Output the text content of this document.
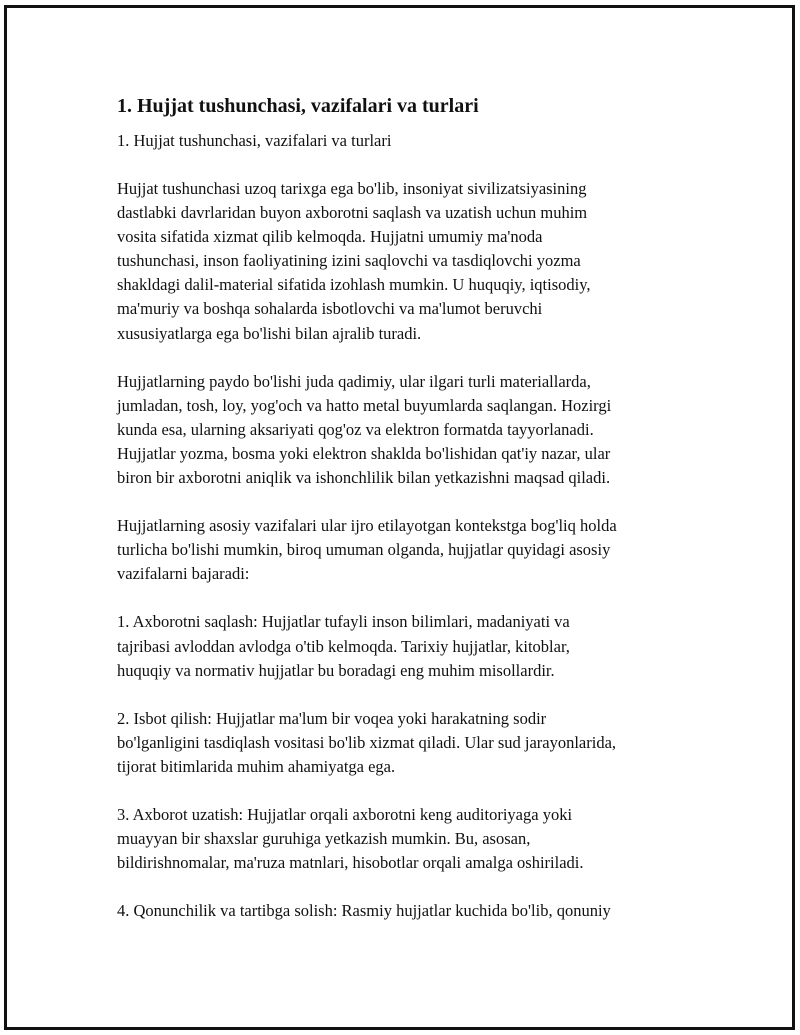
1. Hujjat tushunchasi, vazifalari va turlari
1. Hujjat tushunchasi, vazifalari va turlari
Hujjat tushunchasi uzoq tarixga ega bo'lib, insoniyat sivilizatsiyasining
dastlabki davrlaridan buyon axborotni saqlash va uzatish uchun muhim
vosita sifatida xizmat qilib kelmoqda. Hujjatni umumiy ma'noda
tushunchasi, inson faoliyatining izini saqlovchi va tasdiqlovchi yozma
shakldagi dalil-material sifatida izohlash mumkin. U huquqiy, iqtisodiy,
ma'muriy va boshqa sohalarda isbotlovchi va ma'lumot beruvchi
xususiyatlarga ega bo'lishi bilan ajralib turadi.
Hujjatlarning paydo bo'lishi juda qadimiy, ular ilgari turli materiallarda,
jumladan, tosh, loy, yog'och va hatto metal buyumlarda saqlangan. Hozirgi
kunda esa, ularning aksariyati qog'oz va elektron formatda tayyorlanadi.
Hujjatlar yozma, bosma yoki elektron shaklda bo'lishidan qat'iy nazar, ular
biron bir axborotni aniqlik va ishonchlilik bilan yetkazishni maqsad qiladi.
Hujjatlarning asosiy vazifalari ular ijro etilayotgan kontekstga bog'liq holda
turlicha bo'lishi mumkin, biroq umuman olganda, hujjatlar quyidagi asosiy
vazifalarni bajaradi:
1. Axborotni saqlash: Hujjatlar tufayli inson bilimlari, madaniyati va
tajribasi avloddan avlodga o'tib kelmoqda. Tarixiy hujjatlar, kitoblar,
huquqiy va normativ hujjatlar bu boradagi eng muhim misollardir.
2. Isbot qilish: Hujjatlar ma'lum bir voqea yoki harakatning sodir
bo'lganligini tasdiqlash vositasi bo'lib xizmat qiladi. Ular sud jarayonlarida,
tijorat bitimlarida muhim ahamiyatga ega.
3. Axborot uzatish: Hujjatlar orqali axborotni keng auditoriyaga yoki
muayyan bir shaxslar guruhiga yetkazish mumkin. Bu, asosan,
bildirishnomalar, ma'ruza matnlari, hisobotlar orqali amalga oshiriladi.
4. Qonunchilik va tartibga solish: Rasmiy hujjatlar kuchida bo'lib, qonuniy
